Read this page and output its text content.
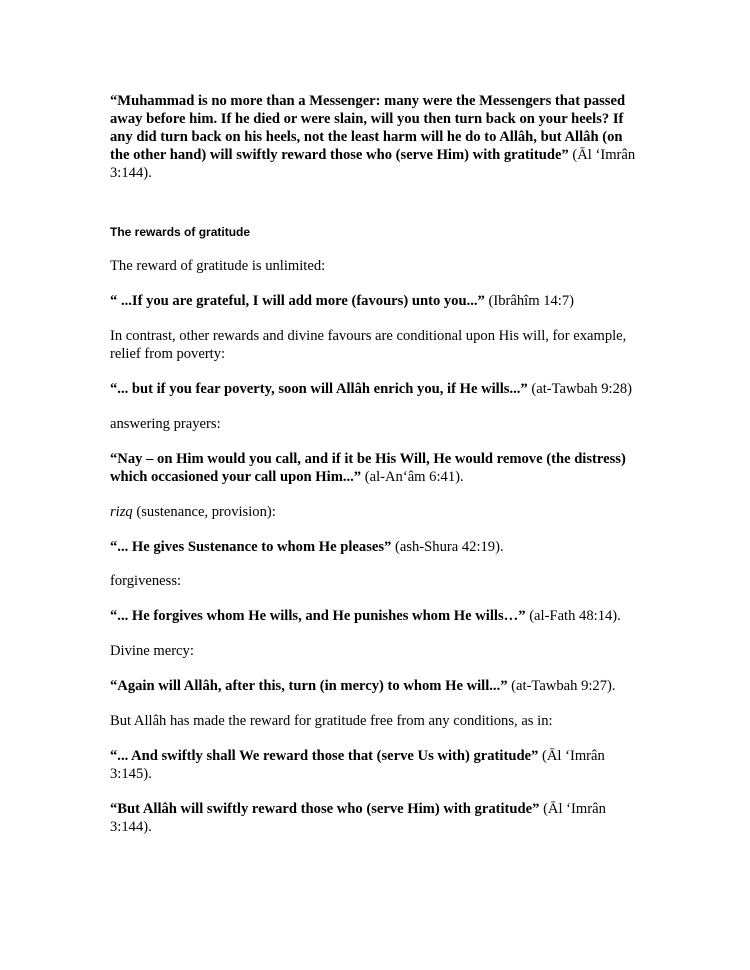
“Muhammad is no more than a Messenger: many were the Messengers that passed away before him. If he died or were slain, will you then turn back on your heels? If any did turn back on his heels, not the least harm will he do to Allâh, but Allâh (on the other hand) will swiftly reward those who (serve Him) with gratitude” (Āl ‘Imrân 3:144).

The rewards of gratitude

The reward of gratitude is unlimited:

“ ...If you are grateful, I will add more (favours) unto you...” (Ibrâhîm 14:7)

In contrast, other rewards and divine favours are conditional upon His will, for example, relief from poverty:

“... but if you fear poverty, soon will Allâh enrich you, if He wills...” (at-Tawbah 9:28)

answering prayers:

“Nay – on Him would you call, and if it be His Will, He would remove (the distress) which occasioned your call upon Him...” (al-An‘âm 6:41).

rizq (sustenance, provision):

“... He gives Sustenance to whom He pleases” (ash-Shura 42:19).

forgiveness:

“... He forgives whom He wills, and He punishes whom He wills…” (al-Fath 48:14).

Divine mercy:

“Again will Allâh, after this, turn (in mercy) to whom He will...” (at-Tawbah 9:27).

But Allâh has made the reward for gratitude free from any conditions, as in:

“... And swiftly shall We reward those that (serve Us with) gratitude” (Āl ‘Imrân 3:145).

“But Allâh will swiftly reward those who (serve Him) with gratitude” (Āl ‘Imrân 3:144).
